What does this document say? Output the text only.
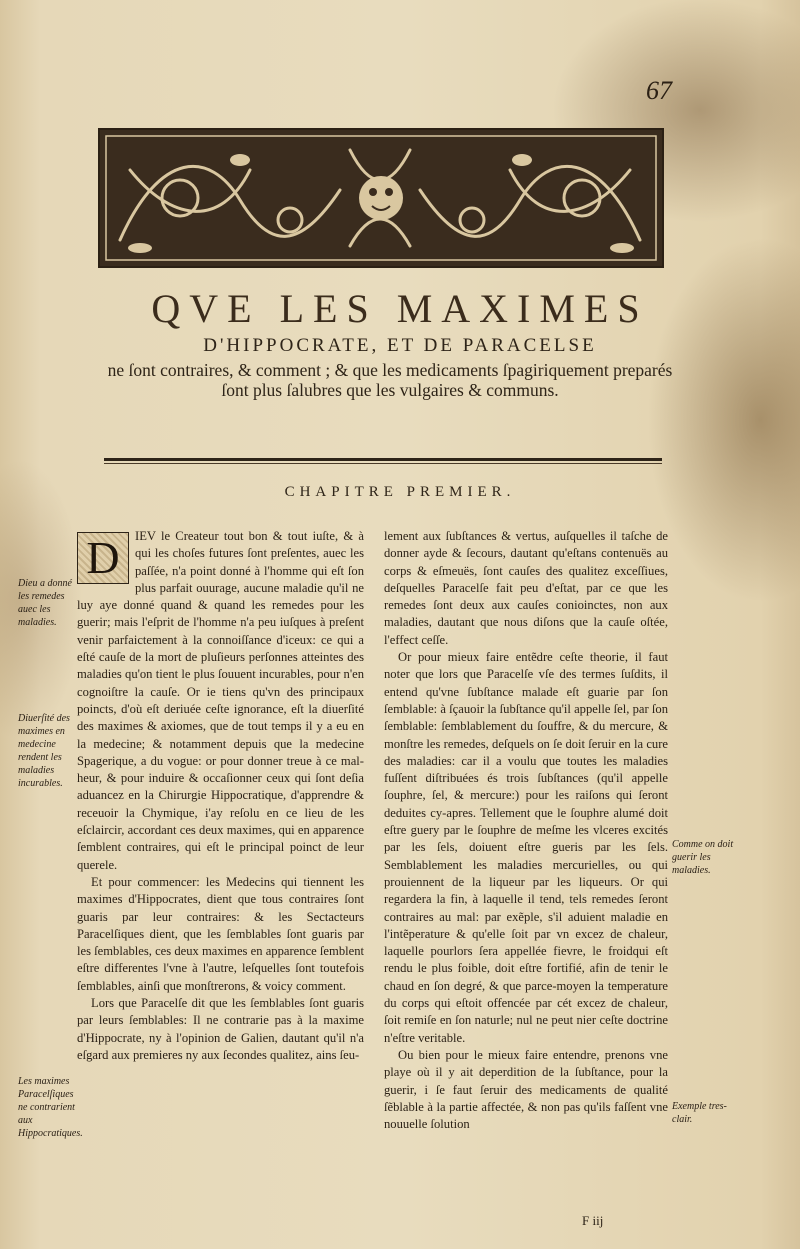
67
QVE LES MAXIMES
D'HIPPOCRATE, ET DE PARACELSE
ne ſont contraires, & comment ; & que les medicaments ſpagiriquement preparés ſont plus ſalubres que les vulgaires & communs.
CHAPITRE PREMIER.

D	IEV le Createur tout bon & tout iuſte, & à qui les choſes futures ſont preſentes, auec les paſſée, n'a point donné à l'homme qui eſt ſon plus parfait ouurage, aucune maladie qu'il ne luy aye donné quand & quand les remedes pour les guerir; mais l'eſprit de l'homme n'a peu iuſques à preſent venir parfaictement à la connoiſſance d'iceux: ce qui a eſté cauſe de la mort de pluſieurs perſonnes atteintes des maladies qu'on tient le plus ſouuent incurables, pour n'en cognoiſtre la cauſe. Or ie tiens qu'vn des principaux poincts, d'où eſt deriuée ceſte ignorance, eſt la diuerſité des maximes & axiomes, que de tout temps il y a eu en la medecine; & notamment depuis que la medecine Spagerique, a du vogue: or pour donner treue à ce mal-heur, & pour induire & occaſionner ceux qui ſont deſia aduancez en la Chirurgie Hippocratique, d'apprendre & receuoir la Chymique, i'ay reſolu en ce lieu de les eſclaircir, accordant ces deux maximes, qui en apparence ſemblent contraires, qui eſt le principal poinct de leur querele.

Et pour commencer: les Medecins qui tiennent les maximes d'Hippocrates, dient que tous contraires ſont guaris par leur contraires: & les Sectacteurs Paracelſiques dient, que les ſemblables ſont guaris par les ſemblables, ces deux maximes en apparence ſemblent eſtre differentes l'vne à l'autre, leſquelles ſont toutefois ſemblables, ainſi que monſtrerons, & voicy comment.

Lors que Paracelſe dit que les ſemblables ſont guaris par leurs ſemblables: Il ne contrarie pas à la maxime d'Hippocrate, ny à l'opinion de Galien, dautant qu'il n'a eſgard aux premieres ny aux ſecondes qualitez, ains ſeu-

lement aux ſubſtances & vertus, auſquelles il taſche de donner ayde & ſecours, dautant qu'eſtans contenuës au corps & eſmeuës, ſont cauſes des qualitez exceſſiues, deſquelles Paracelſe fait peu d'eſtat, par ce que les remedes ſont deux aux cauſes conioinctes, non aux maladies, dautant que nous diſons que la cauſe oſtée, l'effect ceſſe.

Or pour mieux faire entẽdre ceſte theorie, il faut noter que lors que Paracelſe vſe des termes ſuſdits, il entend qu'vne ſubſtance malade eſt guarie par ſon ſemblable: à ſçauoir la ſubſtance qu'il appelle ſel, par ſon ſemblable: ſemblablement du ſouffre, & du mercure, & monſtre les remedes, deſquels on ſe doit ſeruir en la cure des maladies: car il a voulu que toutes les maladies fuſſent diſtribuées és trois ſubſtances (qu'il appelle ſouphre, ſel, & mercure:) pour les raiſons qui ſeront deduites cy-apres. Tellement que le ſouphre alumé doit eſtre guery par le ſouphre de meſme les vlceres excités par les ſels, doiuent eſtre gueris par les ſels. Semblablement les maladies mercurielles, ou qui prouiennent de la liqueur par les liqueurs. Or qui regardera la fin, à laquelle il tend, tels remedes ſeront contraires au mal: par exẽple, s'il aduient maladie en l'intẽperature & qu'elle ſoit par vn excez de chaleur, laquelle pourlors ſera appellée fievre, le froidqui eſt rendu le plus foible, doit eſtre fortifié, afin de tenir le chaud en ſon degré, & que parce-moyen la temperature du corps qui eſtoit offencée par cét excez de chaleur, ſoit remiſe en ſon naturle; nul ne peut nier ceſte doctrine n'eſtre veritable.

Ou bien pour le mieux faire entendre, prenons vne playe où il y ait deperdition de la ſubſtance, pour la guerir, i ſe faut ſeruir des medicaments de qualité ſẽblable à la partie affectée, & non pas qu'ils faſſent vne nouuelle ſolution

Dieu a donné les remedes auec les maladies.
Diuerſité des maximes en medecine rendent les maladies incurables.
Les maximes Paracelſiques ne contrarient aux Hippocratiques.
Comme on doit guerir les maladies.
Exemple tres-clair.
F iij
